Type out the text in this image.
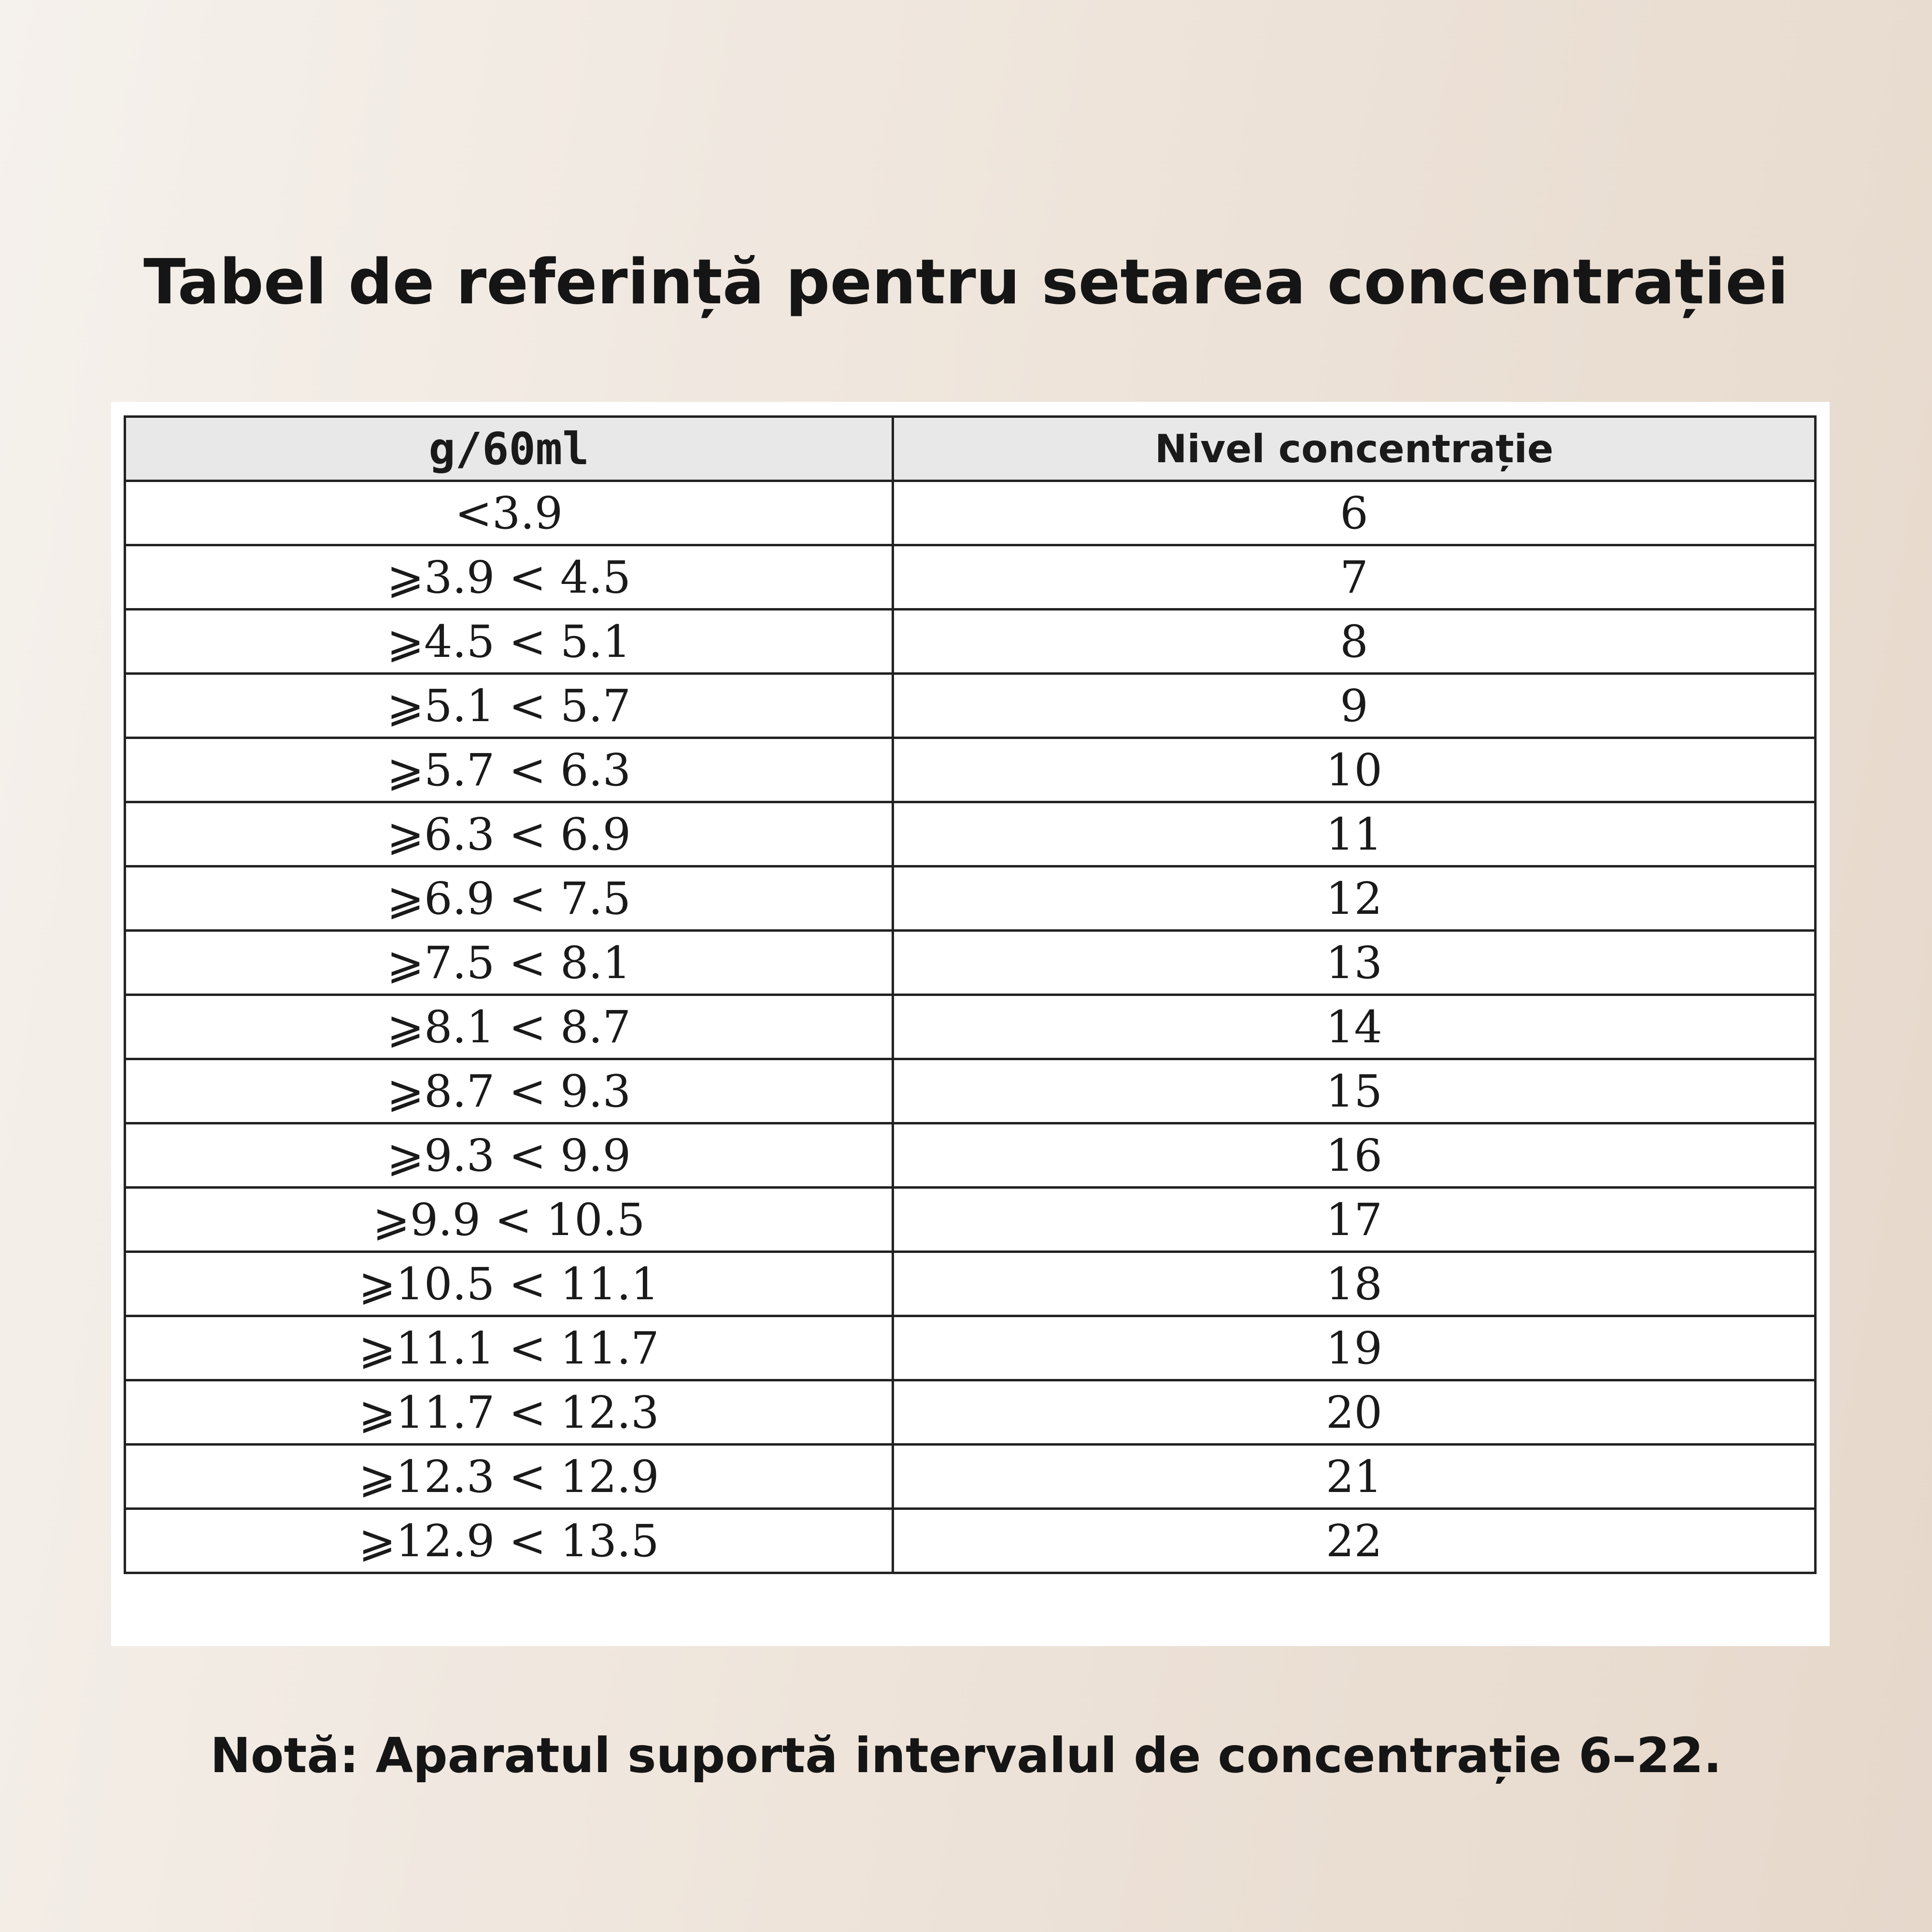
Tabel de referință pentru setarea concentrației
g/60ml	Nivel concentrație
<3.9	6
⩾3.9 < 4.5	7
⩾4.5 < 5.1	8
⩾5.1 < 5.7	9
⩾5.7 < 6.3	10
⩾6.3 < 6.9	11
⩾6.9 < 7.5	12
⩾7.5 < 8.1	13
⩾8.1 < 8.7	14
⩾8.7 < 9.3	15
⩾9.3 < 9.9	16
⩾9.9 < 10.5	17
⩾10.5 < 11.1	18
⩾11.1 < 11.7	19
⩾11.7 < 12.3	20
⩾12.3 < 12.9	21
⩾12.9 < 13.5	22
Notă: Aparatul suportă intervalul de concentrație 6–22.
